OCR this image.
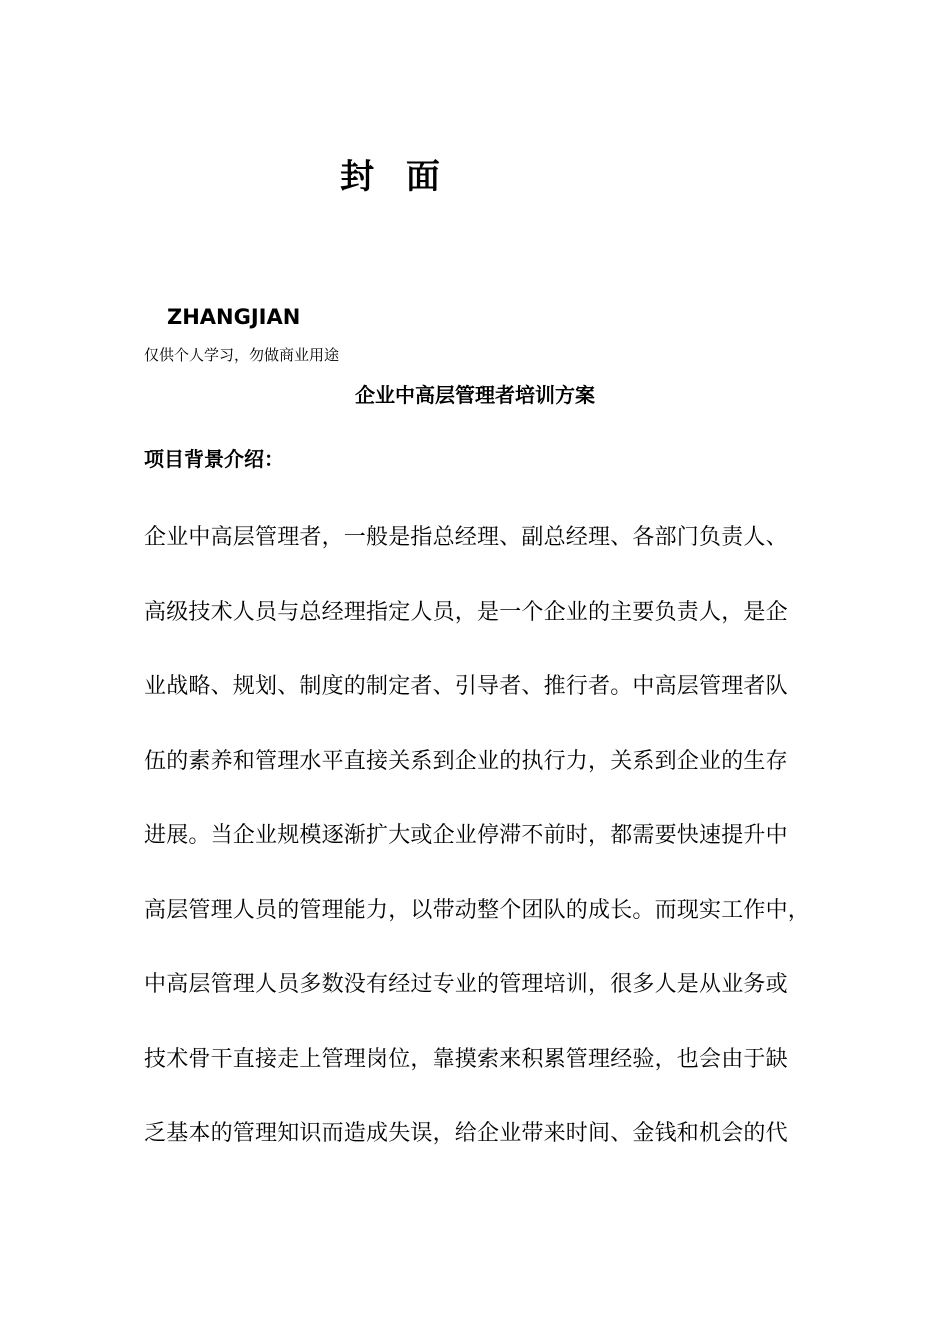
封 面
ZHANGJIAN
仅供个人学习，勿做商业用途
企业中高层管理者培训方案
项目背景介绍：
企业中高层管理者，一般是指总经理、副总经理、各部门负责人、
高级技术人员与总经理指定人员，是一个企业的主要负责人，是企
业战略、规划、制度的制定者、引导者、推行者。中高层管理者队
伍的素养和管理水平直接关系到企业的执行力，关系到企业的生存
进展。当企业规模逐渐扩大或企业停滞不前时，都需要快速提升中
高层管理人员的管理能力，以带动整个团队的成长。而现实工作中，
中高层管理人员多数没有经过专业的管理培训，很多人是从业务或
技术骨干直接走上管理岗位，靠摸索来积累管理经验，也会由于缺
乏基本的管理知识而造成失误，给企业带来时间、金钱和机会的代
